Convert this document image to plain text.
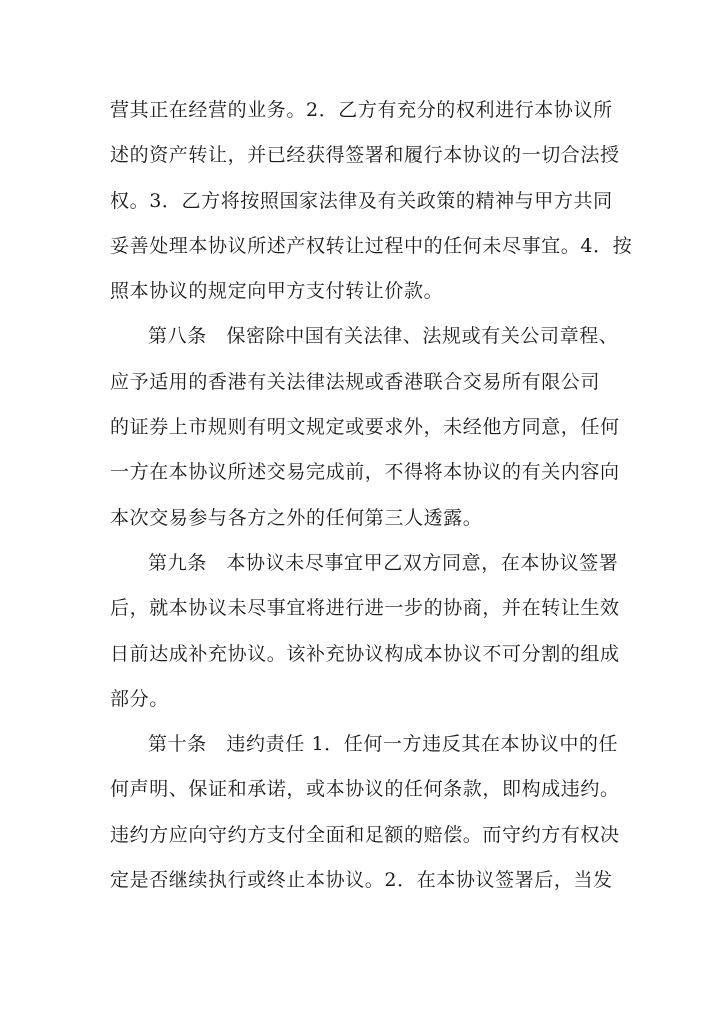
营其正在经营的业务。2．乙方有充分的权利进行本协议所
述的资产转让，并已经获得签署和履行本协议的一切合法授
权。3．乙方将按照国家法律及有关政策的精神与甲方共同
妥善处理本协议所述产权转让过程中的任何未尽事宜。4．按
照本协议的规定向甲方支付转让价款。
第八条　保密除中国有关法律、法规或有关公司章程、
应予适用的香港有关法律法规或香港联合交易所有限公司
的证券上市规则有明文规定或要求外，未经他方同意，任何
一方在本协议所述交易完成前，不得将本协议的有关内容向
本次交易参与各方之外的任何第三人透露。
第九条　本协议未尽事宜甲乙双方同意，在本协议签署
后，就本协议未尽事宜将进行进一步的协商，并在转让生效
日前达成补充协议。该补充协议构成本协议不可分割的组成
部分。
第十条　违约责任 1．任何一方违反其在本协议中的任
何声明、保证和承诺，或本协议的任何条款，即构成违约。
违约方应向守约方支付全面和足额的赔偿。而守约方有权决
定是否继续执行或终止本协议。2．在本协议签署后，当发
